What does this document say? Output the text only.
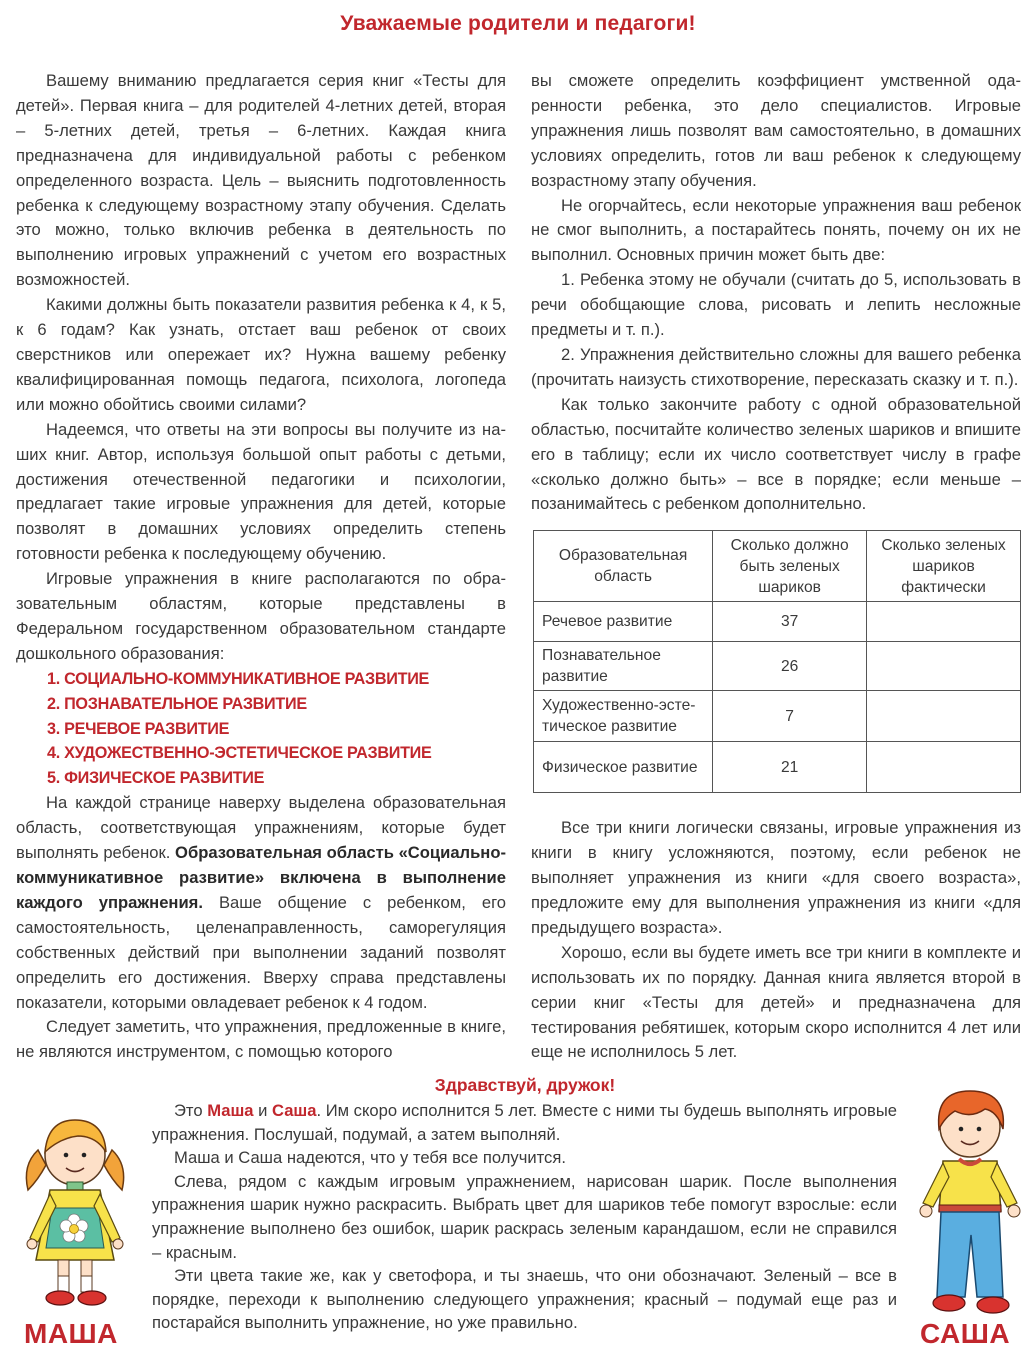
Уважаемые родители и педагоги!

Вашему вниманию предлагается серия книг «Тесты для детей». Первая книга – для родителей 4-летних детей, вторая – 5-летних детей, третья – 6-летних. Каждая книга предназначена для индивидуальной работы с ребенком определенного возраста. Цель – выяснить подготовленность ребенка к следующему возрастному этапу обучения. Сделать это можно, только включив ребенка в деятельность по выполнению игровых упражнений с учетом его возрастных возможностей.

Какими должны быть показатели развития ребенка к 4, к 5, к 6 годам? Как узнать, отстает ваш ребенок от своих сверстников или опережает их? Нужна вашему ребенку квалифицированная помощь педагога, психолога, логопеда или можно обойтись своими силами?

Надеемся, что ответы на эти вопросы вы получите из наших книг. Автор, используя большой опыт работы с детьми, достижения отечественной педагогики и психологии, предлагает такие игровые упражнения для детей, которые позволят в домашних условиях определить степень готовности ребенка к последующему обучению.

Игровые упражнения в книге располагаются по образовательным областям, которые представлены в Федеральном государственном образовательном стандарте дошкольного образования:

1. СОЦИАЛЬНО-КОММУНИКАТИВНОЕ РАЗВИТИЕ
2. ПОЗНАВАТЕЛЬНОЕ РАЗВИТИЕ
3. РЕЧЕВОЕ РАЗВИТИЕ
4. ХУДОЖЕСТВЕННО-ЭСТЕТИЧЕСКОЕ РАЗВИТИЕ
5. ФИЗИЧЕСКОЕ РАЗВИТИЕ

На каждой странице наверху выделена образовательная область, соответствующая упражнениям, которые будет выполнять ребенок. Образовательная область «Социально-коммуникативное развитие» включена в выполнение каждого упражнения. Ваше общение с ребенком, его самостоятельность, целенаправленность, саморегуляция собственных действий при выполнении заданий позволят определить его достижения. Вверху справа представлены показатели, которыми овладевает ребенок к 4 годом.

Следует заметить, что упражнения, предложенные в книге, не являются инструментом, с помощью которого

вы сможете определить коэффициент умственной одаренности ребенка, это дело специалистов. Игровые упражнения лишь позволят вам самостоятельно, в домашних условиях определить, готов ли ваш ребенок к следующему возрастному этапу обучения.

Не огорчайтесь, если некоторые упражнения ваш ребенок не смог выполнить, а постарайтесь понять, почему он их не выполнил. Основных причин может быть две:

1. Ребенка этому не обучали (считать до 5, использовать в речи обобщающие слова, рисовать и лепить несложные предметы и т. п.).

2. Упражнения действительно сложны для вашего ребенка (прочитать наизусть стихотворение, пересказать сказку и т. п.).

Как только закончите работу с одной образовательной областью, посчитайте количество зеленых шариков и впишите его в таблицу; если их число соответствует числу в графе «сколько должно быть» – все в порядке; если меньше – позанимайтесь с ребенком дополнительно.

Образовательная область	Сколько должно быть зеленых шариков	Сколько зеленых шариков фактически
Речевое развитие	37	
Познавательное развитие	26	
Художественно-эстетическое развитие	7	
Физическое развитие	21	

Все три книги логически связаны, игровые упражнения из книги в книгу усложняются, поэтому, если ребенок не выполняет упражнения из книги «для своего возраста», предложите ему для выполнения упражнения из книги «для предыдущего возраста».

Хорошо, если вы будете иметь все три книги в комплекте и использовать их по порядку. Данная книга является второй в серии книг «Тесты для детей» и предназначена для тестирования ребятишек, которым скоро исполнится 4 лет или еще не исполнилось 5 лет.

Здравствуй, дружок!

Это Маша и Саша. Им скоро исполнится 5 лет. Вместе с ними ты будешь выполнять игровые упражнения. Послушай, подумай, а затем выполняй.

Маша и Саша надеются, что у тебя все получится.

Слева, рядом с каждым игровым упражнением, нарисован шарик. После выполнения упражнения шарик нужно раскрасить. Выбрать цвет для шариков тебе помогут взрослые: если упражнение выполнено без ошибок, шарик раскрась зеленым карандашом, если не справился – красным.

Эти цвета такие же, как у светофора, и ты знаешь, что они обозначают. Зеленый – все в порядке, переходи к выполнению следующего упражнения; красный – подумай еще раз и постарайся выполнить упражнение, но уже правильно.

МАША	САША
